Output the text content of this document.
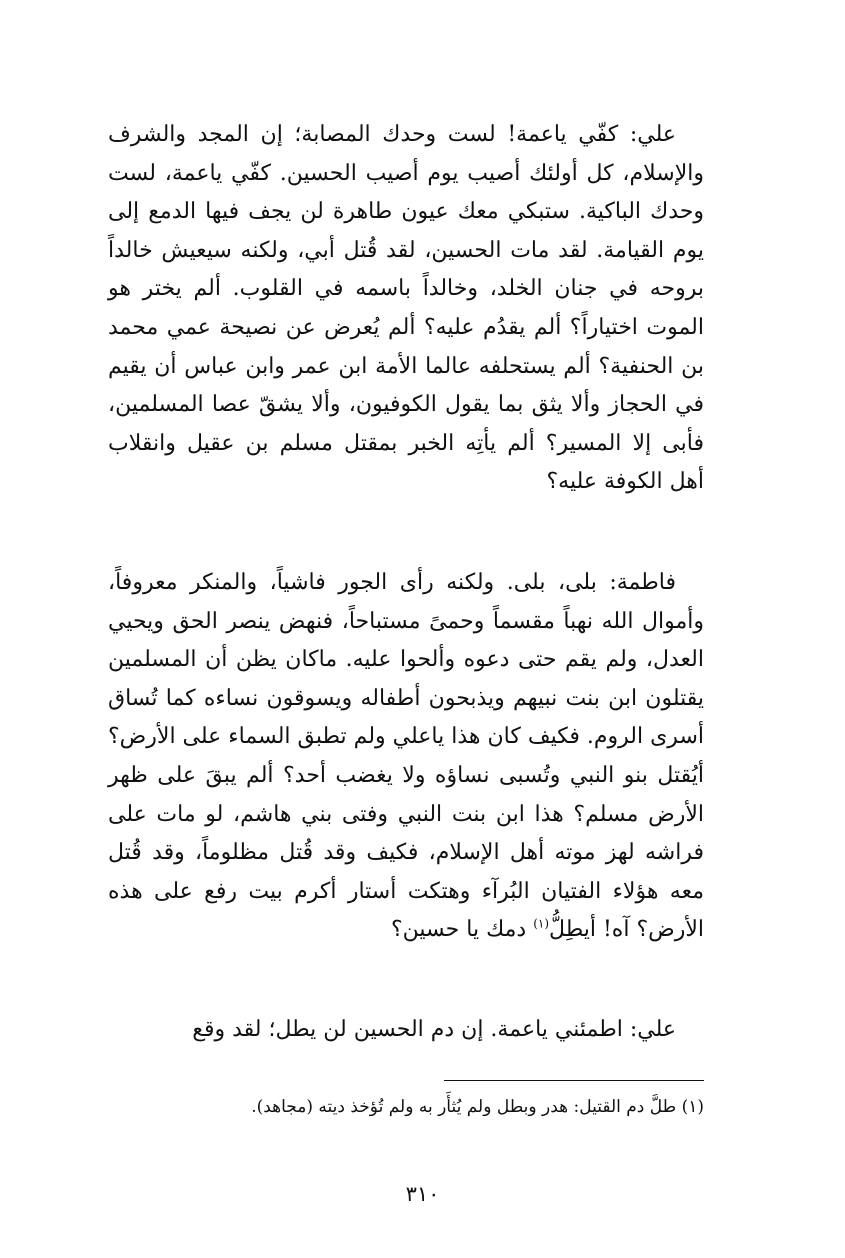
علي: كفّي ياعمة! لست وحدك المصابة؛ إن المجد والشرف والإسلام، كل أولئك أصيب يوم أصيب الحسين. كفّي ياعمة، لست وحدك الباكية. ستبكي معك عيون طاهرة لن يجف فيها الدمع إلى يوم القيامة. لقد مات الحسين، لقد قُتل أبي، ولكنه سيعيش خالداً بروحه في جنان الخلد، وخالداً باسمه في القلوب. ألم يختر هو الموت اختياراً؟ ألم يقدُم عليه؟ ألم يُعرض عن نصيحة عمي محمد بن الحنفية؟ ألم يستحلفه عالما الأمة ابن عمر وابن عباس أن يقيم في الحجاز وألا يثق بما يقول الكوفيون، وألا يشقّ عصا المسلمين، فأبى إلا المسير؟ ألم يأتِه الخبر بمقتل مسلم بن عقيل وانقلاب أهل الكوفة عليه؟

فاطمة: بلى، بلى. ولكنه رأى الجور فاشياً، والمنكر معروفاً، وأموال الله نهباً مقسماً وحمىً مستباحاً، فنهض ينصر الحق ويحيي العدل، ولم يقم حتى دعوه وألحوا عليه. ماكان يظن أن المسلمين يقتلون ابن بنت نبيهم ويذبحون أطفاله ويسوقون نساءه كما تُساق أسرى الروم. فكيف كان هذا ياعلي ولم تطبق السماء على الأرض؟ أيُقتل بنو النبي وتُسبى نساؤه ولا يغضب أحد؟ ألم يبقَ على ظهر الأرض مسلم؟ هذا ابن بنت النبي وفتى بني هاشم، لو مات على فراشه لهز موته أهل الإسلام، فكيف وقد قُتل مظلوماً، وقد قُتل معه هؤلاء الفتيان البُرآء وهتكت أستار أكرم بيت رفع على هذه الأرض؟ آه! أيطِلُّ$^{(١)}$ دمك يا حسين؟

علي: اطمئني ياعمة. إن دم الحسين لن يطل؛ لقد وقع

(١) طلَّ دم القتيل: هدر وبطل ولم يُثأَر به ولم تُؤخذ ديته (مجاهد).
٣١٠
